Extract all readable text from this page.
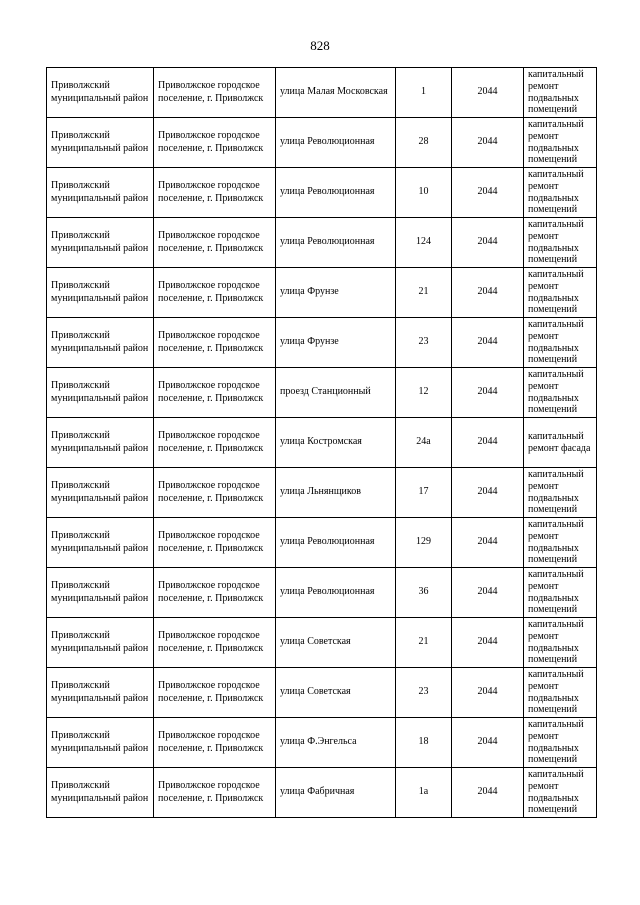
828
Приволжский муниципальный район	Приволжское городское поселение, г. Приволжск	улица Малая Московская	1	2044	капитальный ремонт подвальных помещений
Приволжский муниципальный район	Приволжское городское поселение, г. Приволжск	улица Революционная	28	2044	капитальный ремонт подвальных помещений
Приволжский муниципальный район	Приволжское городское поселение, г. Приволжск	улица Революционная	10	2044	капитальный ремонт подвальных помещений
Приволжский муниципальный район	Приволжское городское поселение, г. Приволжск	улица Революционная	124	2044	капитальный ремонт подвальных помещений
Приволжский муниципальный район	Приволжское городское поселение, г. Приволжск	улица Фрунзе	21	2044	капитальный ремонт подвальных помещений
Приволжский муниципальный район	Приволжское городское поселение, г. Приволжск	улица Фрунзе	23	2044	капитальный ремонт подвальных помещений
Приволжский муниципальный район	Приволжское городское поселение, г. Приволжск	проезд Станционный	12	2044	капитальный ремонт подвальных помещений
Приволжский муниципальный район	Приволжское городское поселение, г. Приволжск	улица Костромская	24а	2044	капитальный ремонт фасада
Приволжский муниципальный район	Приволжское городское поселение, г. Приволжск	улица Льнянщиков	17	2044	капитальный ремонт подвальных помещений
Приволжский муниципальный район	Приволжское городское поселение, г. Приволжск	улица Революционная	129	2044	капитальный ремонт подвальных помещений
Приволжский муниципальный район	Приволжское городское поселение, г. Приволжск	улица Революционная	36	2044	капитальный ремонт подвальных помещений
Приволжский муниципальный район	Приволжское городское поселение, г. Приволжск	улица Советская	21	2044	капитальный ремонт подвальных помещений
Приволжский муниципальный район	Приволжское городское поселение, г. Приволжск	улица Советская	23	2044	капитальный ремонт подвальных помещений
Приволжский муниципальный район	Приволжское городское поселение, г. Приволжск	улица Ф.Энгельса	18	2044	капитальный ремонт подвальных помещений
Приволжский муниципальный район	Приволжское городское поселение, г. Приволжск	улица Фабричная	1а	2044	капитальный ремонт подвальных помещений
